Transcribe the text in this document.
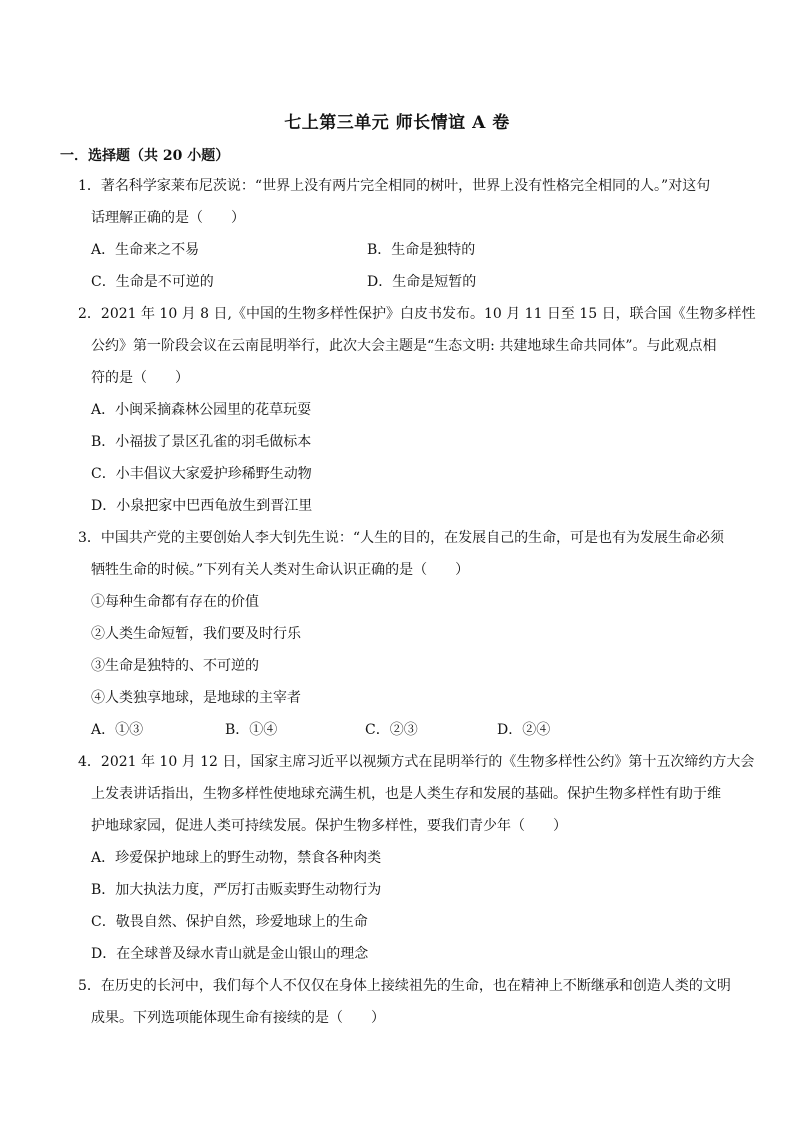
七上第三单元 师长情谊 A 卷
一．选择题（共 20 小题）
1．著名科学家莱布尼茨说：“世界上没有两片完全相同的树叶，世界上没有性格完全相同的人。”对这句
话理解正确的是（　　）
A．生命来之不易	B．生命是独特的
C．生命是不可逆的	D．生命是短暂的
2．2021 年 10 月 8 日,《中国的生物多样性保护》白皮书发布。10 月 11 日至 15 日，联合国《生物多样性
公约》第一阶段会议在云南昆明举行，此次大会主题是“生态文明: 共建地球生命共同体”。与此观点相
符的是（　　）
A．小闽采摘森林公园里的花草玩耍
B．小福拔了景区孔雀的羽毛做标本
C．小丰倡议大家爱护珍稀野生动物
D．小泉把家中巴西龟放生到晋江里
3．中国共产党的主要创始人李大钊先生说：“人生的目的，在发展自己的生命，可是也有为发展生命必须
牺牲生命的时候。”下列有关人类对生命认识正确的是（　　）
①每种生命都有存在的价值
②人类生命短暂，我们要及时行乐
③生命是独特的、不可逆的
④人类独享地球，是地球的主宰者
A．①③	B．①④	C．②③	D．②④
4．2021 年 10 月 12 日，国家主席习近平以视频方式在昆明举行的《生物多样性公约》第十五次缔约方大会
上发表讲话指出，生物多样性使地球充满生机，也是人类生存和发展的基础。保护生物多样性有助于维
护地球家园，促进人类可持续发展。保护生物多样性，要我们青少年（　　）
A．珍爱保护地球上的野生动物，禁食各种肉类
B．加大执法力度，严厉打击贩卖野生动物行为
C．敬畏自然、保护自然，珍爱地球上的生命
D．在全球普及绿水青山就是金山银山的理念
5．在历史的长河中，我们每个人不仅仅在身体上接续祖先的生命，也在精神上不断继承和创造人类的文明
成果。下列选项能体现生命有接续的是（　　）
